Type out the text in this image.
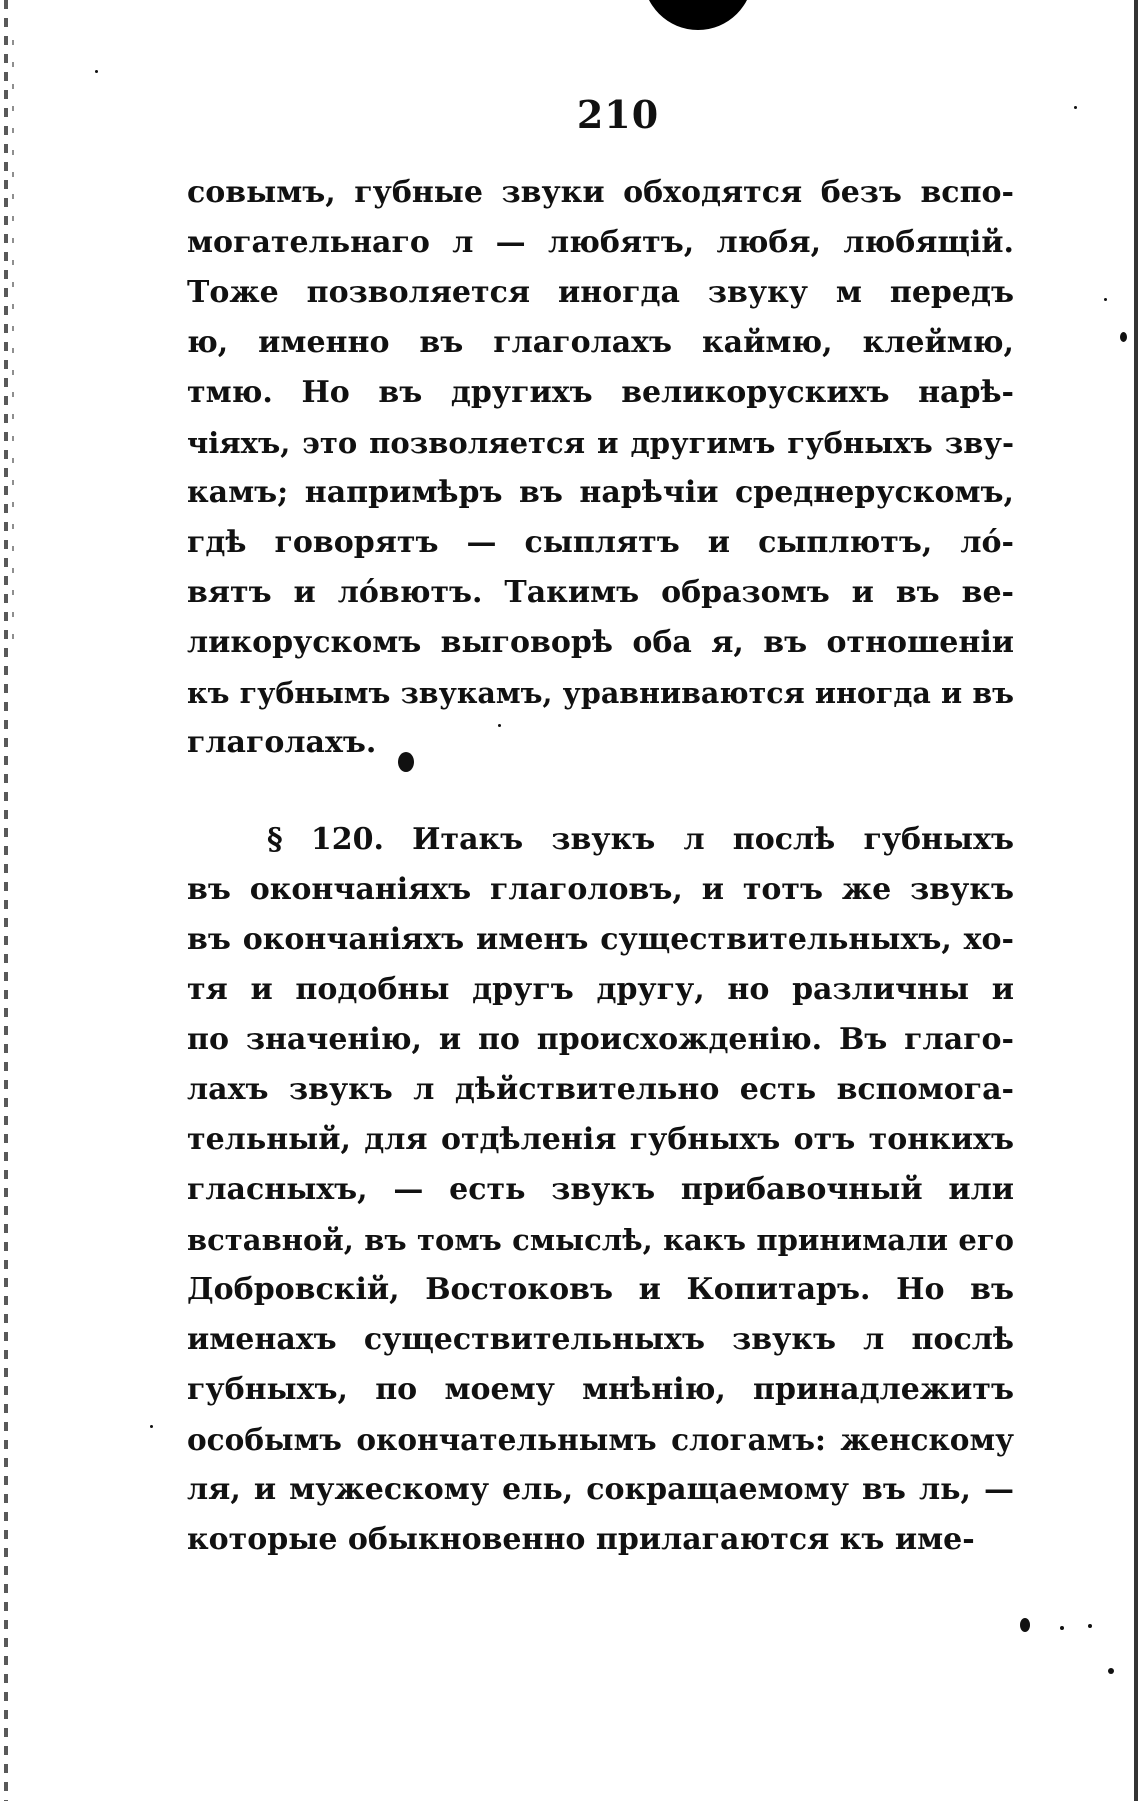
210
совымъ, губные звуки обходятся безъ вспо-
могательнаго л — любятъ, любя, любящій.
Тоже позволяется иногда звуку м передъ
ю, именно въ глаголахъ каймю, клеймю,
тмю. Но въ другихъ великорускихъ нарѣ-
чіяхъ, это позволяется и другимъ губныхъ зву-
камъ; напримѣръ въ нарѣчіи среднерускомъ,
гдѣ говорятъ — сыплятъ и сыплютъ, лó-
вятъ и лóвютъ. Такимъ образомъ и въ ве-
ликорускомъ выговорѣ оба я, въ отношеніи
къ губнымъ звукамъ, уравниваются иногда и въ
глаголахъ.
§ 120. Итакъ звукъ л послѣ губныхъ
въ окончаніяхъ глаголовъ, и тотъ же звукъ
въ окончаніяхъ именъ существительныхъ, хо-
тя и подобны другъ другу, но различны и
по значенію, и по происхожденію. Въ глаго-
лахъ звукъ л дѣйствительно есть вспомога-
тельный, для отдѣленія губныхъ отъ тонкихъ
гласныхъ, — есть звукъ прибавочный или
вставной, въ томъ смыслѣ, какъ принимали его
Добровскій, Востоковъ и Копитаръ. Но въ
именахъ существительныхъ звукъ л послѣ
губныхъ, по моему мнѣнію, принадлежитъ
особымъ окончательнымъ слогамъ: женскому
ля, и мужескому ель, сокращаемому въ ль, —
которые обыкновенно прилагаются къ име-
